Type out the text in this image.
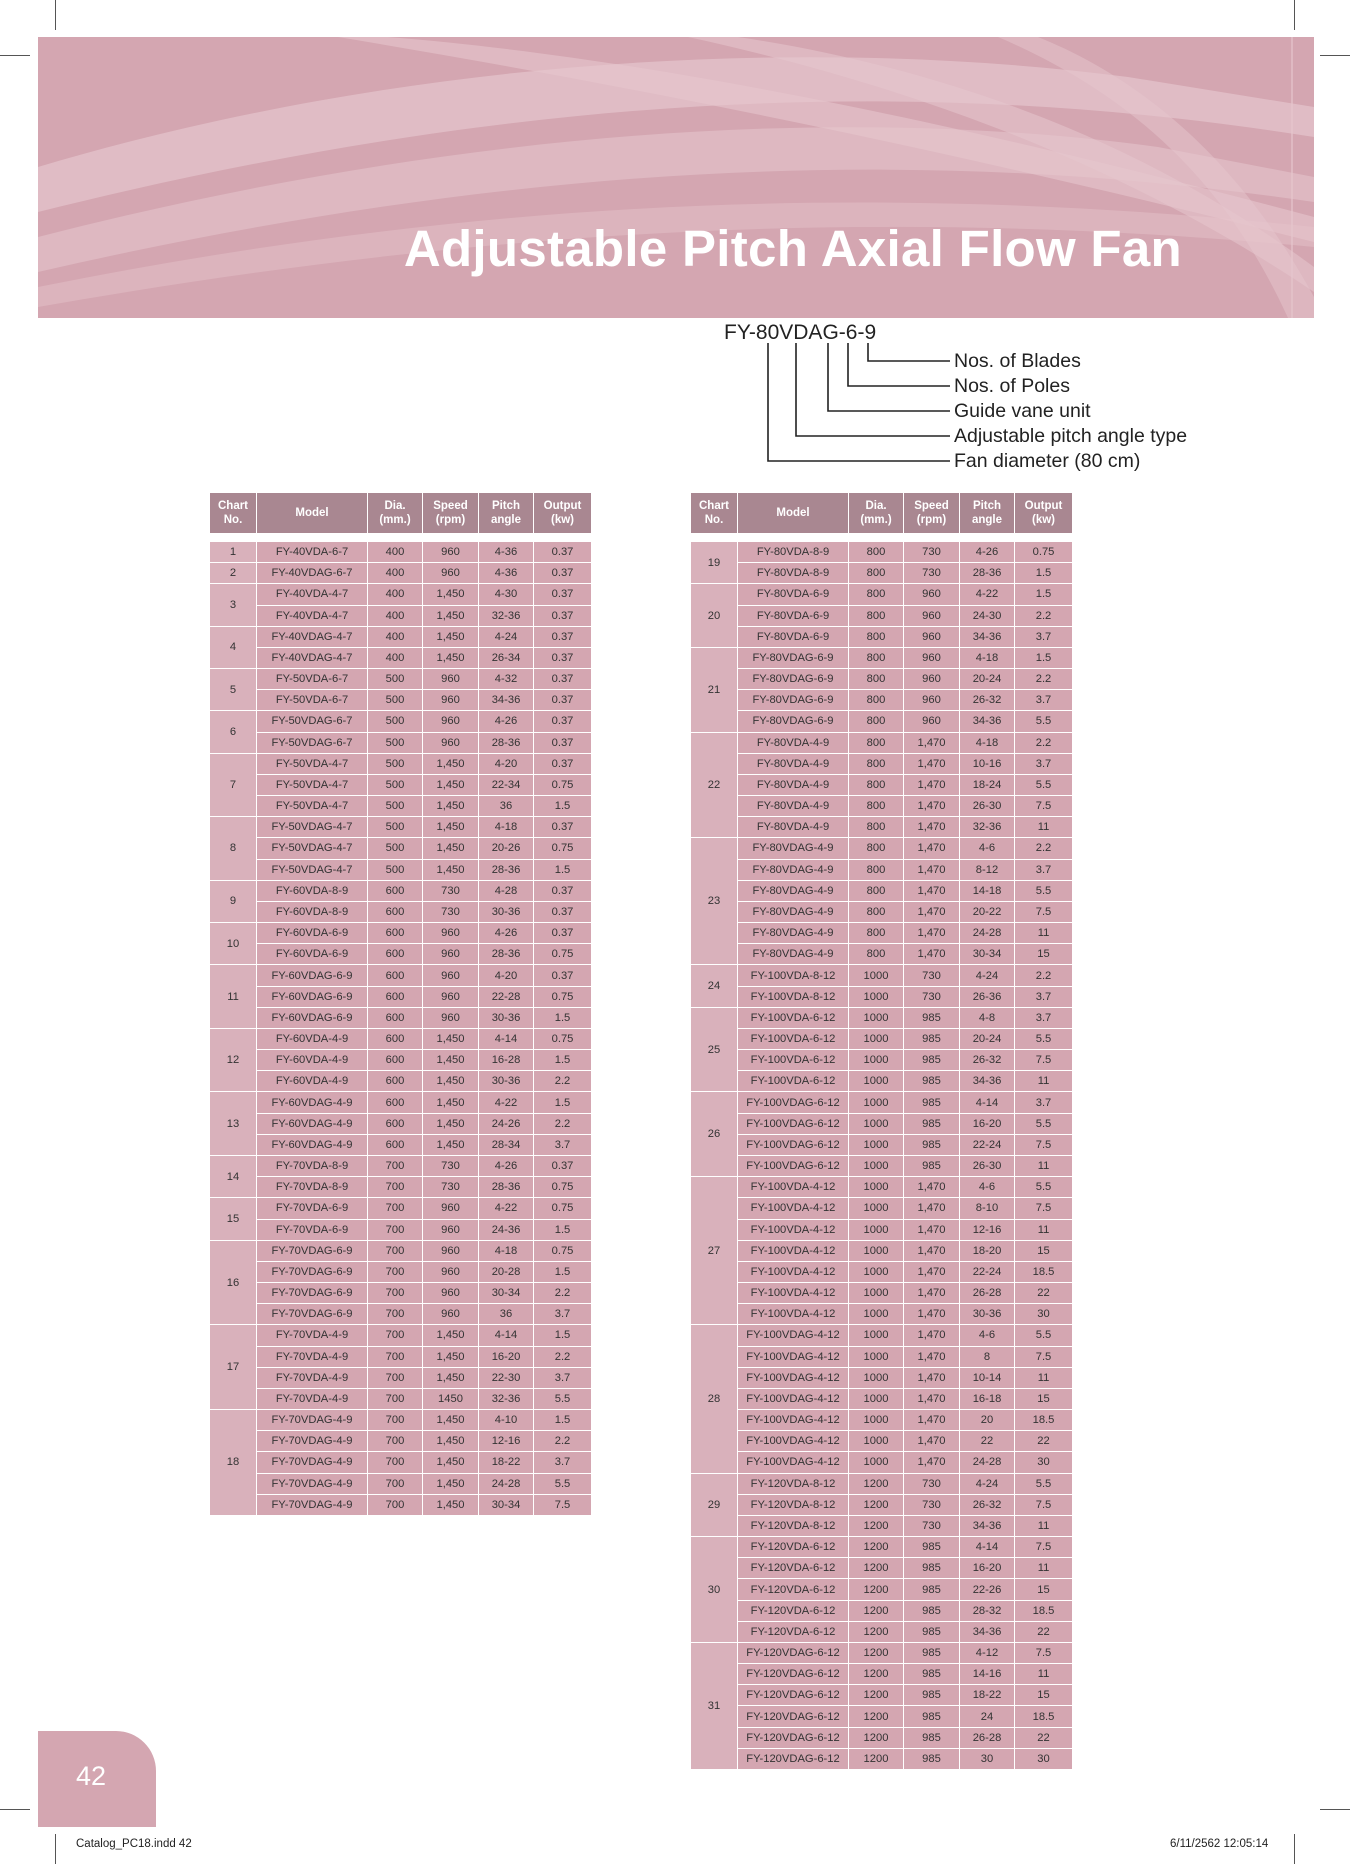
Adjustable Pitch Axial Flow Fan
FY-80VDAG-6-9
Nos. of Blades
Nos. of Poles
Guide vane unit
Adjustable pitch angle type
Fan diameter (80 cm)
Chart No.	Model	Dia. (mm.)	Speed (rpm)	Pitch angle	Output (kw)

1	FY-40VDA-6-7	400	960	4-36	0.37
2	FY-40VDAG-6-7	400	960	4-36	0.37
3	FY-40VDA-4-7	400	1,450	4-30	0.37
	FY-40VDA-4-7	400	1,450	32-36	0.37
4	FY-40VDAG-4-7	400	1,450	4-24	0.37
	FY-40VDAG-4-7	400	1,450	26-34	0.37
5	FY-50VDA-6-7	500	960	4-32	0.37
	FY-50VDA-6-7	500	960	34-36	0.37
6	FY-50VDAG-6-7	500	960	4-26	0.37
	FY-50VDAG-6-7	500	960	28-36	0.37
7	FY-50VDA-4-7	500	1,450	4-20	0.37
	FY-50VDA-4-7	500	1,450	22-34	0.75
	FY-50VDA-4-7	500	1,450	36	1.5
8	FY-50VDAG-4-7	500	1,450	4-18	0.37
	FY-50VDAG-4-7	500	1,450	20-26	0.75
	FY-50VDAG-4-7	500	1,450	28-36	1.5
9	FY-60VDA-8-9	600	730	4-28	0.37
	FY-60VDA-8-9	600	730	30-36	0.37
10	FY-60VDA-6-9	600	960	4-26	0.37
	FY-60VDA-6-9	600	960	28-36	0.75
11	FY-60VDAG-6-9	600	960	4-20	0.37
	FY-60VDAG-6-9	600	960	22-28	0.75
	FY-60VDAG-6-9	600	960	30-36	1.5
12	FY-60VDA-4-9	600	1,450	4-14	0.75
	FY-60VDA-4-9	600	1,450	16-28	1.5
	FY-60VDA-4-9	600	1,450	30-36	2.2
13	FY-60VDAG-4-9	600	1,450	4-22	1.5
	FY-60VDAG-4-9	600	1,450	24-26	2.2
	FY-60VDAG-4-9	600	1,450	28-34	3.7
14	FY-70VDA-8-9	700	730	4-26	0.37
	FY-70VDA-8-9	700	730	28-36	0.75
15	FY-70VDA-6-9	700	960	4-22	0.75
	FY-70VDA-6-9	700	960	24-36	1.5
16	FY-70VDAG-6-9	700	960	4-18	0.75
	FY-70VDAG-6-9	700	960	20-28	1.5
	FY-70VDAG-6-9	700	960	30-34	2.2
	FY-70VDAG-6-9	700	960	36	3.7
17	FY-70VDA-4-9	700	1,450	4-14	1.5
	FY-70VDA-4-9	700	1,450	16-20	2.2
	FY-70VDA-4-9	700	1,450	22-30	3.7
	FY-70VDA-4-9	700	1450	32-36	5.5
18	FY-70VDAG-4-9	700	1,450	4-10	1.5
	FY-70VDAG-4-9	700	1,450	12-16	2.2
	FY-70VDAG-4-9	700	1,450	18-22	3.7
	FY-70VDAG-4-9	700	1,450	24-28	5.5
	FY-70VDAG-4-9	700	1,450	30-34	7.5
Chart No.	Model	Dia. (mm.)	Speed (rpm)	Pitch angle	Output (kw)

19	FY-80VDA-8-9	800	730	4-26	0.75
	FY-80VDA-8-9	800	730	28-36	1.5
20	FY-80VDA-6-9	800	960	4-22	1.5
	FY-80VDA-6-9	800	960	24-30	2.2
	FY-80VDA-6-9	800	960	34-36	3.7
21	FY-80VDAG-6-9	800	960	4-18	1.5
	FY-80VDAG-6-9	800	960	20-24	2.2
	FY-80VDAG-6-9	800	960	26-32	3.7
	FY-80VDAG-6-9	800	960	34-36	5.5
22	FY-80VDA-4-9	800	1,470	4-18	2.2
	FY-80VDA-4-9	800	1,470	10-16	3.7
	FY-80VDA-4-9	800	1,470	18-24	5.5
	FY-80VDA-4-9	800	1,470	26-30	7.5
	FY-80VDA-4-9	800	1,470	32-36	11
23	FY-80VDAG-4-9	800	1,470	4-6	2.2
	FY-80VDAG-4-9	800	1,470	8-12	3.7
	FY-80VDAG-4-9	800	1,470	14-18	5.5
	FY-80VDAG-4-9	800	1,470	20-22	7.5
	FY-80VDAG-4-9	800	1,470	24-28	11
	FY-80VDAG-4-9	800	1,470	30-34	15
24	FY-100VDA-8-12	1000	730	4-24	2.2
	FY-100VDA-8-12	1000	730	26-36	3.7
25	FY-100VDA-6-12	1000	985	4-8	3.7
	FY-100VDA-6-12	1000	985	20-24	5.5
	FY-100VDA-6-12	1000	985	26-32	7.5
	FY-100VDA-6-12	1000	985	34-36	11
26	FY-100VDAG-6-12	1000	985	4-14	3.7
	FY-100VDAG-6-12	1000	985	16-20	5.5
	FY-100VDAG-6-12	1000	985	22-24	7.5
	FY-100VDAG-6-12	1000	985	26-30	11
27	FY-100VDA-4-12	1000	1,470	4-6	5.5
	FY-100VDA-4-12	1000	1,470	8-10	7.5
	FY-100VDA-4-12	1000	1,470	12-16	11
	FY-100VDA-4-12	1000	1,470	18-20	15
	FY-100VDA-4-12	1000	1,470	22-24	18.5
	FY-100VDA-4-12	1000	1,470	26-28	22
	FY-100VDA-4-12	1000	1,470	30-36	30
28	FY-100VDAG-4-12	1000	1,470	4-6	5.5
	FY-100VDAG-4-12	1000	1,470	8	7.5
	FY-100VDAG-4-12	1000	1,470	10-14	11
	FY-100VDAG-4-12	1000	1,470	16-18	15
	FY-100VDAG-4-12	1000	1,470	20	18.5
	FY-100VDAG-4-12	1000	1,470	22	22
	FY-100VDAG-4-12	1000	1,470	24-28	30
29	FY-120VDA-8-12	1200	730	4-24	5.5
	FY-120VDA-8-12	1200	730	26-32	7.5
	FY-120VDA-8-12	1200	730	34-36	11
30	FY-120VDA-6-12	1200	985	4-14	7.5
	FY-120VDA-6-12	1200	985	16-20	11
	FY-120VDA-6-12	1200	985	22-26	15
	FY-120VDA-6-12	1200	985	28-32	18.5
	FY-120VDA-6-12	1200	985	34-36	22
31	FY-120VDAG-6-12	1200	985	4-12	7.5
	FY-120VDAG-6-12	1200	985	14-16	11
	FY-120VDAG-6-12	1200	985	18-22	15
	FY-120VDAG-6-12	1200	985	24	18.5
	FY-120VDAG-6-12	1200	985	26-28	22
	FY-120VDAG-6-12	1200	985	30	30
42
Catalog_PC18.indd 42	6/11/2562 12:05:14
